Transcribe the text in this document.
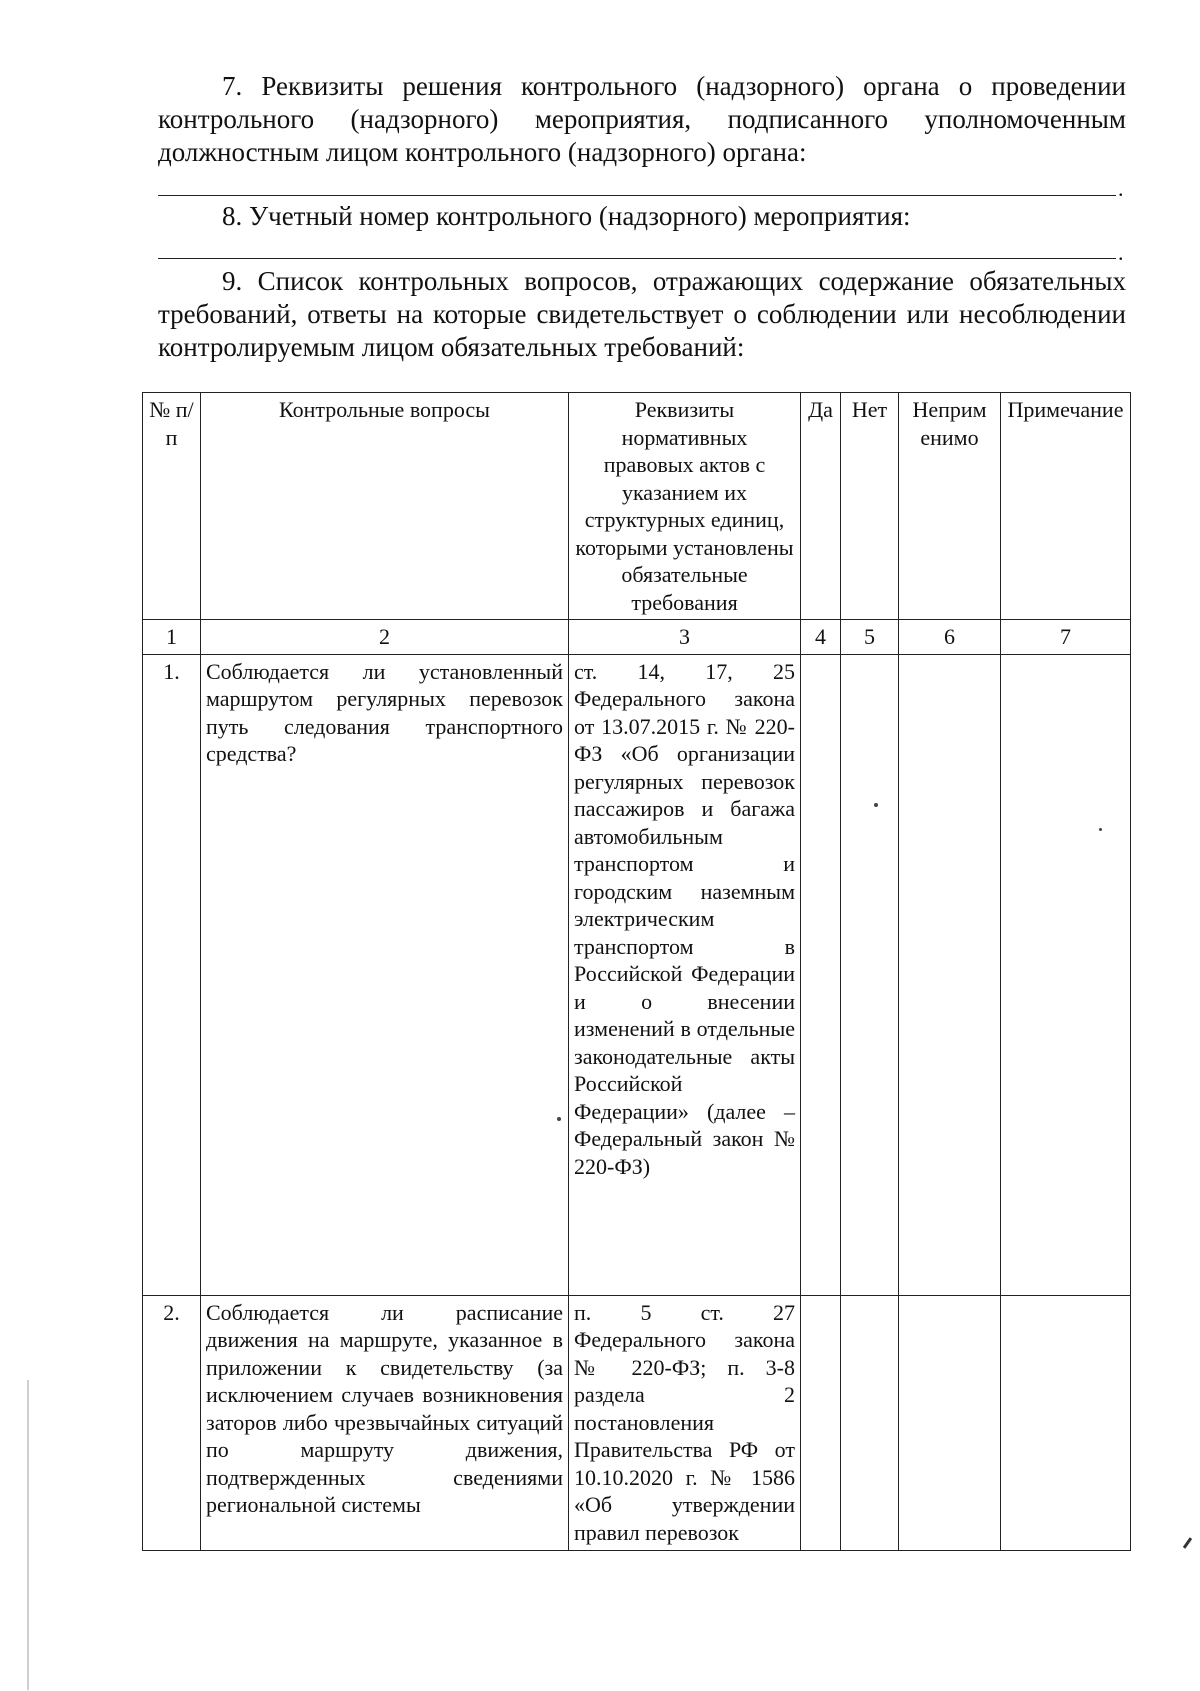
7. Реквизиты решения контрольного (надзорного) органа о проведении контрольного (надзорного) мероприятия, подписанного уполномоченным должностным лицом контрольного (надзорного) органа:
.
8. Учетный номер контрольного (надзорного) мероприятия:
.
9. Список контрольных вопросов, отражающих содержание обязательных требований, ответы на которые свидетельствует о соблюдении или несоблюдении контролируемым лицом обязательных требований:
№ п/п	Контрольные вопросы	Реквизиты нормативных правовых актов с указанием их структурных единиц, которыми установлены обязательные требования	Да	Нет	Неприм енимо	Примечание
1	2	3	4	5	6	7
1.	Соблюдается ли установленный маршрутом регулярных перевозок путь следования транспортного средства?	ст. 14, 17, 25 Федерального закона от 13.07.2015 г. № 220-ФЗ «Об организации регулярных перевозок пассажиров и багажа автомобильным транспортом и городским наземным электрическим транспортом в Российской Федерации и о внесении изменений в отдельные законодательные акты Российской Федерации» (далее – Федеральный закон № 220-ФЗ)				
2.	Соблюдается ли расписание движения на маршруте, указанное в приложении к свидетельству (за исключением случаев возникновения заторов либо чрезвычайных ситуаций по маршруту движения, подтвержденных сведениями региональной системы	п. 5 ст. 27 Федерального закона № 220-ФЗ; п. 3-8 раздела 2 постановления Правительства РФ от 10.10.2020 г. № 1586 «Об утверждении правил перевозок				
